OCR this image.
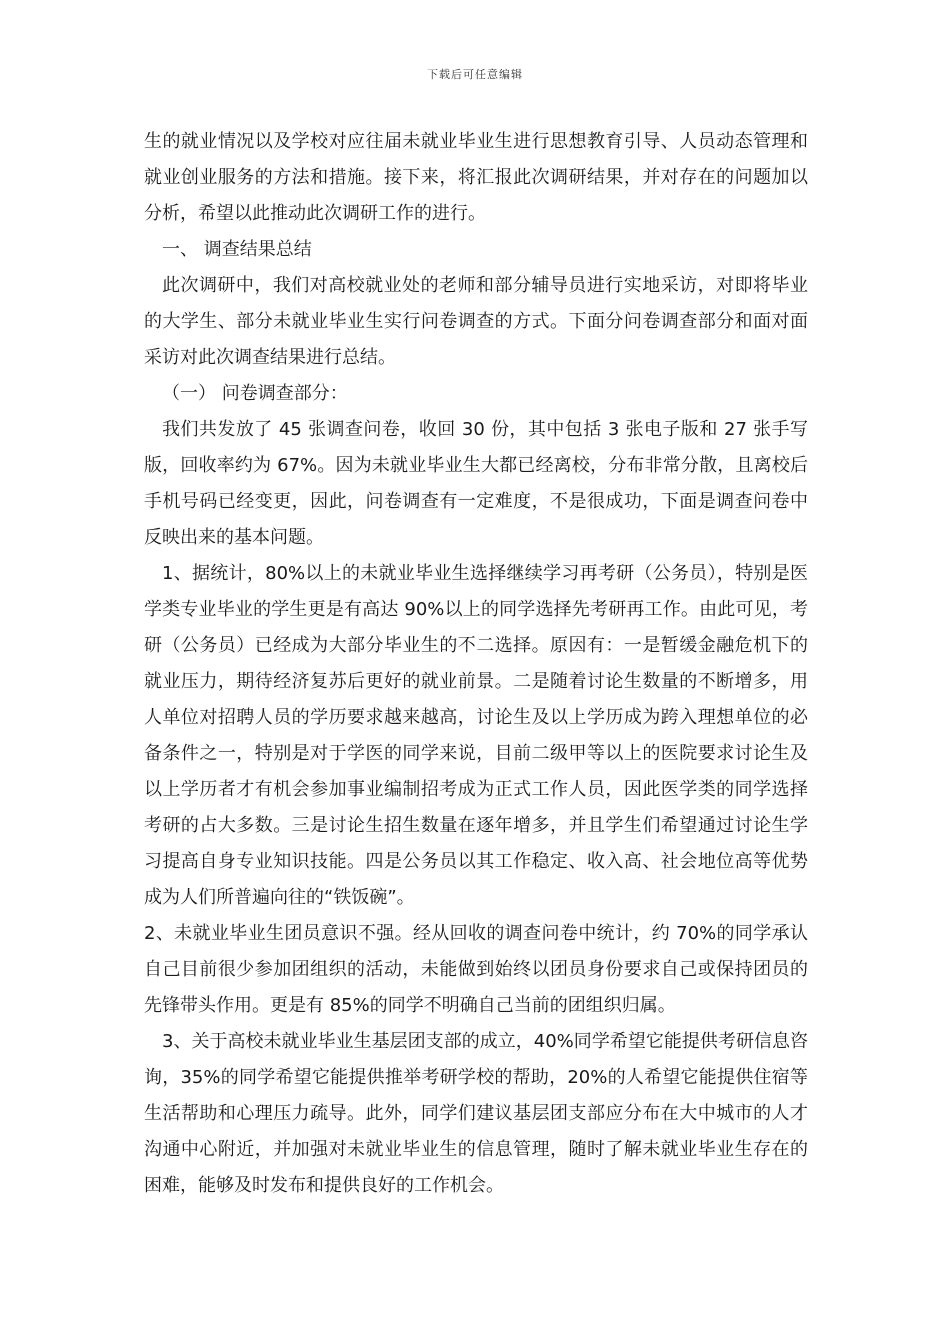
下载后可任意编辑

生的就业情况以及学校对应往届未就业毕业生进行思想教育引导、人员动态管理和就业创业服务的方法和措施。接下来，将汇报此次调研结果，并对存在的问题加以分析，希望以此推动此次调研工作的进行。

一、 调查结果总结

此次调研中，我们对高校就业处的老师和部分辅导员进行实地采访，对即将毕业的大学生、部分未就业毕业生实行问卷调查的方式。下面分问卷调查部分和面对面采访对此次调查结果进行总结。

（一） 问卷调查部分：

我们共发放了 45 张调查问卷，收回 30 份，其中包括 3 张电子版和 27 张手写版，回收率约为 67%。因为未就业毕业生大都已经离校，分布非常分散，且离校后手机号码已经变更，因此，问卷调查有一定难度，不是很成功，下面是调查问卷中反映出来的基本问题。

1、据统计，80%以上的未就业毕业生选择继续学习再考研（公务员），特别是医学类专业毕业的学生更是有高达 90%以上的同学选择先考研再工作。由此可见，考研（公务员）已经成为大部分毕业生的不二选择。原因有：一是暂缓金融危机下的就业压力，期待经济复苏后更好的就业前景。二是随着讨论生数量的不断增多，用人单位对招聘人员的学历要求越来越高，讨论生及以上学历成为跨入理想单位的必备条件之一，特别是对于学医的同学来说，目前二级甲等以上的医院要求讨论生及以上学历者才有机会参加事业编制招考成为正式工作人员，因此医学类的同学选择考研的占大多数。三是讨论生招生数量在逐年增多，并且学生们希望通过讨论生学习提高自身专业知识技能。四是公务员以其工作稳定、收入高、社会地位高等优势成为人们所普遍向往的“铁饭碗”。

2、未就业毕业生团员意识不强。经从回收的调查问卷中统计，约 70%的同学承认自己目前很少参加团组织的活动，未能做到始终以团员身份要求自己或保持团员的先锋带头作用。更是有 85%的同学不明确自己当前的团组织归属。

3、关于高校未就业毕业生基层团支部的成立，40%同学希望它能提供考研信息咨询，35%的同学希望它能提供推举考研学校的帮助，20%的人希望它能提供住宿等生活帮助和心理压力疏导。此外，同学们建议基层团支部应分布在大中城市的人才沟通中心附近，并加强对未就业毕业生的信息管理，随时了解未就业毕业生存在的困难，能够及时发布和提供良好的工作机会。
